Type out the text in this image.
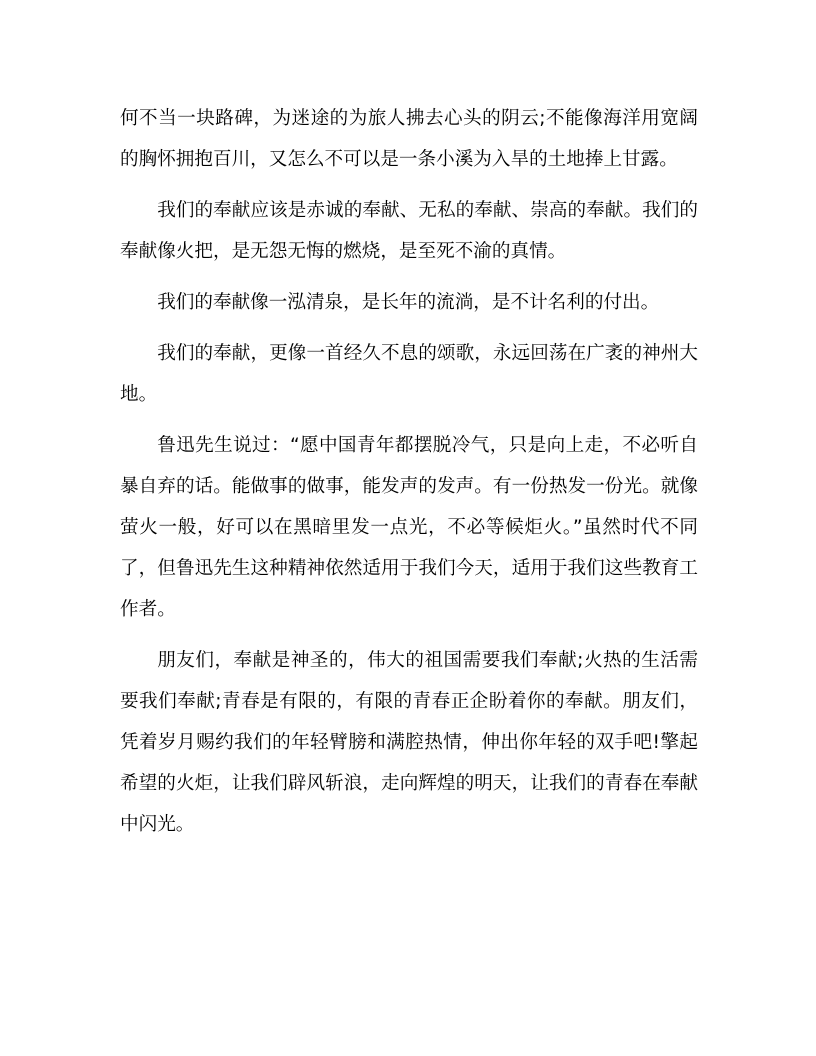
何不当一块路碑，为迷途的为旅人拂去心头的阴云;不能像海洋用宽阔的胸怀拥抱百川，又怎么不可以是一条小溪为入旱的土地捧上甘露。

我们的奉献应该是赤诚的奉献、无私的奉献、崇高的奉献。我们的奉献像火把，是无怨无悔的燃烧，是至死不渝的真情。

我们的奉献像一泓清泉，是长年的流淌，是不计名利的付出。

我们的奉献，更像一首经久不息的颂歌，永远回荡在广袤的神州大地。

鲁迅先生说过：“愿中国青年都摆脱冷气，只是向上走，不必听自暴自弃的话。能做事的做事，能发声的发声。有一份热发一份光。就像萤火一般，好可以在黑暗里发一点光，不必等候炬火。”虽然时代不同了，但鲁迅先生这种精神依然适用于我们今天，适用于我们这些教育工作者。

朋友们，奉献是神圣的，伟大的祖国需要我们奉献;火热的生活需要我们奉献;青春是有限的，有限的青春正企盼着你的奉献。朋友们，凭着岁月赐约我们的年轻臂膀和满腔热情，伸出你年轻的双手吧!擎起希望的火炬，让我们辟风斩浪，走向辉煌的明天，让我们的青春在奉献中闪光。
